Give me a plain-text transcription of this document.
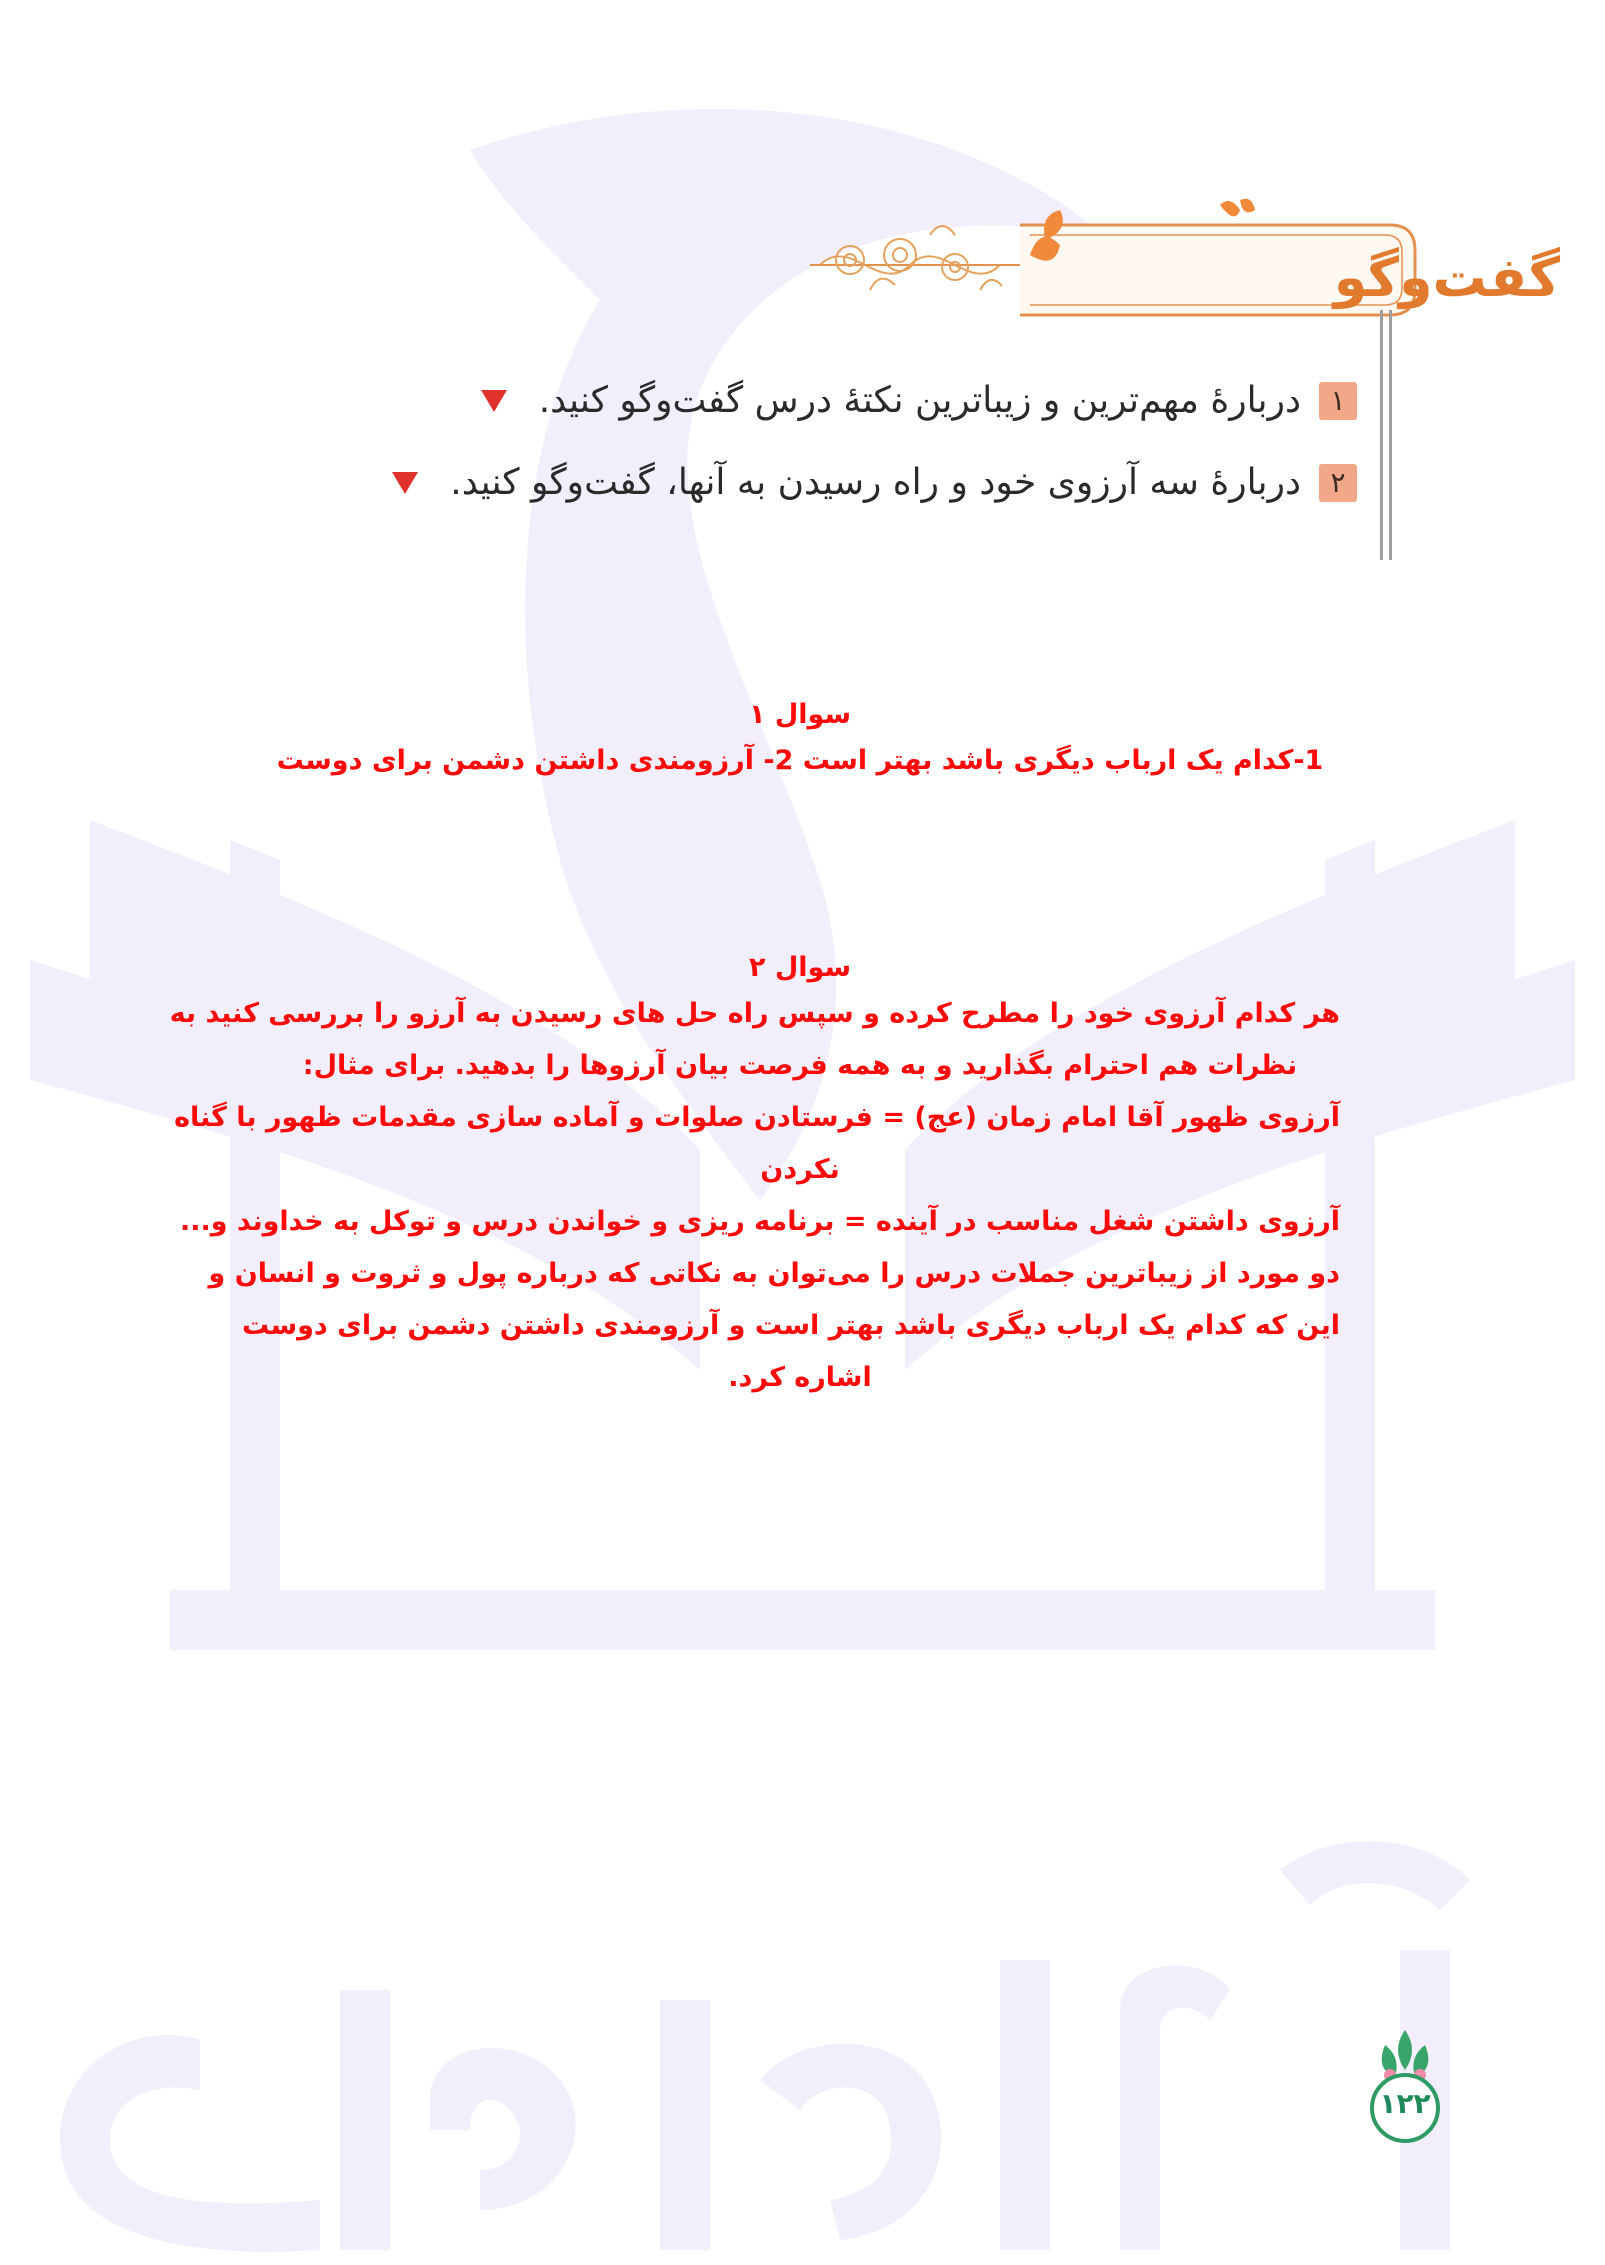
گفت‌وگو
۱
دربارهٔ مهم‌ترین و زیباترین نکتهٔ درس گفت‌وگو کنید.
۲
دربارهٔ سه آرزوی خود و راه رسیدن به آنها، گفت‌وگو کنید.
سوال ۱
1-کدام یک ارباب دیگری باشد بهتر است 2- آرزومندی داشتن دشمن برای دوست
سوال ۲
هر کدام آرزوی خود را مطرح کرده و سپس راه حل های رسیدن به آرزو را بررسی کنید به
نظرات هم احترام بگذارید و به همه فرصت بیان آرزوها را بدهید. برای مثال:
آرزوی ظهور آقا امام زمان (عج) = فرستادن صلوات و آماده سازی مقدمات ظهور با گناه
نکردن
آرزوی داشتن شغل مناسب در آینده = برنامه ریزی و خواندن درس و توکل به خداوند و...
دو مورد از زیباترین جملات درس را می‌توان به نکاتی که درباره پول و ثروت و انسان و
این که کدام یک ارباب دیگری باشد بهتر است و آرزومندی داشتن دشمن برای دوست
اشاره کرد.
۱۲۲
